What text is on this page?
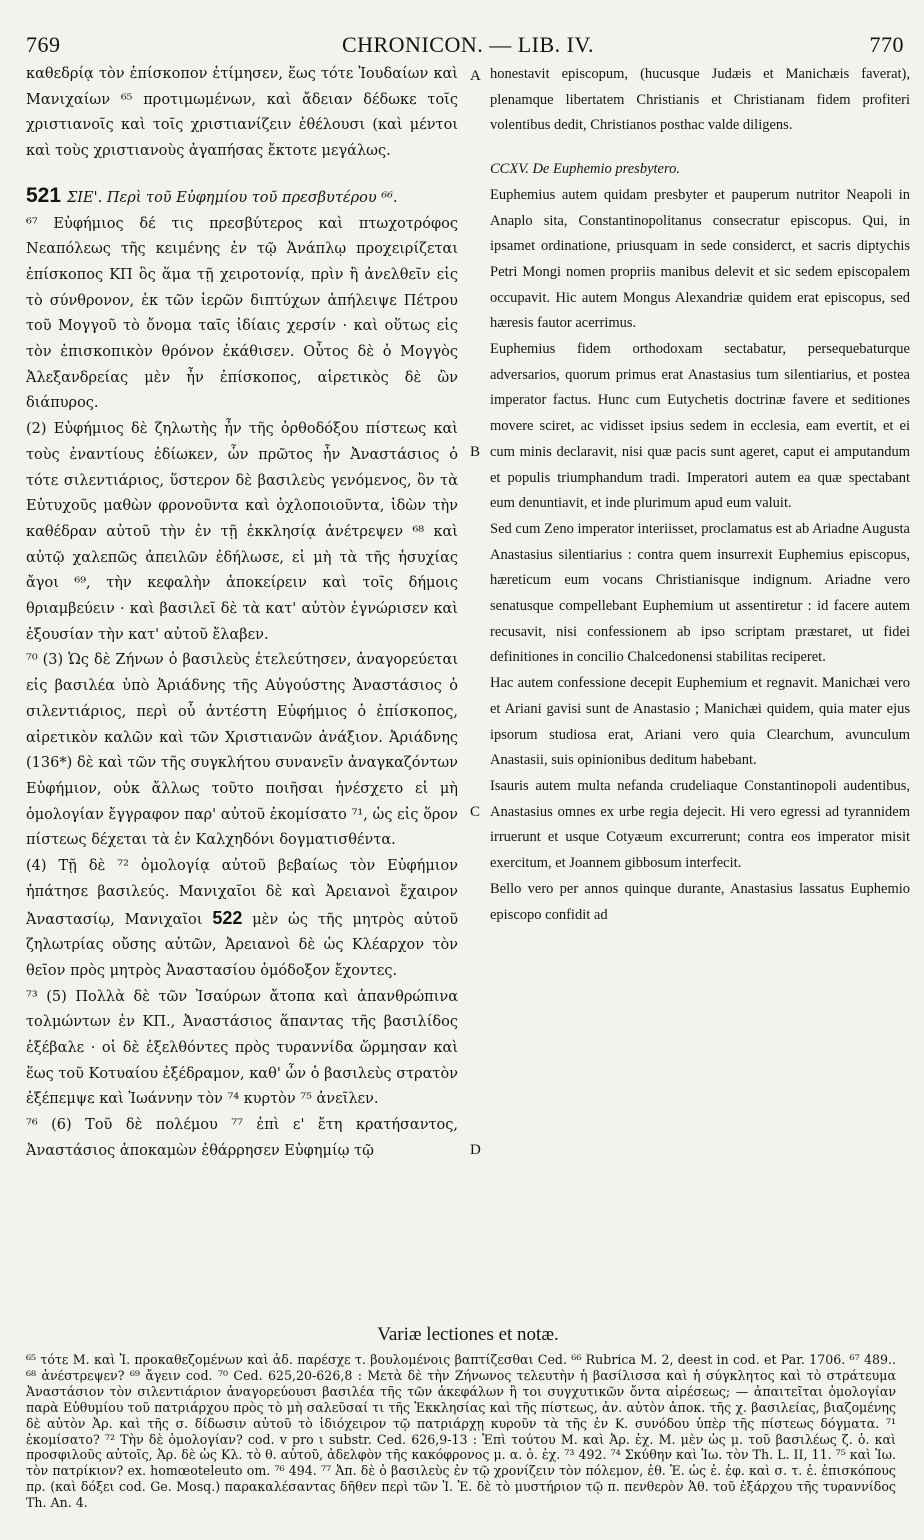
769	CHRONICON. — LIB. IV.	770

καθεδρίᾳ τὸν ἐπίσκοπον ἐτίμησεν, ἕως τότε Ἰουδαίων καὶ Μανιχαίων ⁶⁵ προτιμωμένων, καὶ ἄδειαν δέδωκε τοῖς χριστιανοῖς καὶ τοῖς χριστιανίζειν ἐθέλουσι (καὶ μέντοι καὶ τοὺς χριστιανοὺς ἀγαπήσας ἔκτοτε μεγάλως.

521 ΣΙΕ'. Περὶ τοῦ Εὐφημίου τοῦ πρεσβυτέρου ⁶⁶.

⁶⁷ Εὐφήμιος δέ τις πρεσβύτερος καὶ πτωχοτρόφος Νεαπόλεως τῆς κειμένης ἐν τῷ Ἀνάπλῳ προχειρίζεται ἐπίσκοπος ΚΠ ὃς ἅμα τῇ χειροτονίᾳ, πρὶν ἢ ἀνελθεῖν εἰς τὸ σύνθρονον, ἐκ τῶν ἱερῶν διπτύχων ἀπήλειψε Πέτρου τοῦ Μογγοῦ τὸ ὄνομα ταῖς ἰδίαις χερσίν · καὶ οὕτως εἰς τὸν ἐπισκοπικὸν θρόνον ἐκάθισεν. Οὗτος δὲ ὁ Μογγὸς Ἀλεξανδρείας μὲν ἦν ἐπίσκοπος, αἱρετικὸς δὲ ὢν διάπυρος.

(2) Εὐφήμιος δὲ ζηλωτὴς ἦν τῆς ὀρθοδόξου πίστεως καὶ τοὺς ἐναντίους ἐδίωκεν, ὧν πρῶτος ἦν Ἀναστάσιος ὁ τότε σιλεντιάριος, ὕστερον δὲ βασιλεὺς γενόμενος, ὃν τὰ Εὐτυχοῦς μαθὼν φρονοῦντα καὶ ὀχλοποιοῦντα, ἰδὼν τὴν καθέδραν αὐτοῦ τὴν ἐν τῇ ἐκκλησίᾳ ἀνέτρεψεν ⁶⁸ καὶ αὐτῷ χαλεπῶς ἀπειλῶν ἐδήλωσε, εἰ μὴ τὰ τῆς ἡσυχίας ἄγοι ⁶⁹, τὴν κεφαλὴν ἀποκείρειν καὶ τοῖς δήμοις θριαμβεύειν · καὶ βασιλεῖ δὲ τὰ κατ' αὐτὸν ἐγνώρισεν καὶ ἐξουσίαν τὴν κατ' αὐτοῦ ἔλαβεν.

⁷⁰ (3) Ὡς δὲ Ζήνων ὁ βασιλεὺς ἐτελεύτησεν, ἀναγορεύεται εἰς βασιλέα ὑπὸ Ἀριάδνης τῆς Αὐγούστης Ἀναστάσιος ὁ σιλεντιάριος, περὶ οὗ ἀντέστη Εὐφήμιος ὁ ἐπίσκοπος, αἱρετικὸν καλῶν καὶ τῶν Χριστιανῶν ἀνάξιον. Ἀριάδνης (136*) δὲ καὶ τῶν τῆς συγκλήτου συνανεῖν ἀναγκαζόντων Εὐφήμιον, οὐκ ἄλλως τοῦτο ποιῆσαι ἠνέσχετο εἰ μὴ ὁμολογίαν ἔγγραφον παρ' αὐτοῦ ἐκομίσατο ⁷¹, ὡς εἰς ὅρον πίστεως δέχεται τὰ ἐν Καλχηδόνι δογματισθέντα.

(4) Τῇ δὲ ⁷² ὁμολογίᾳ αὐτοῦ βεβαίως τὸν Εὐφήμιον ἠπάτησε βασιλεύς. Μανιχαῖοι δὲ καὶ Ἀρειανοὶ ἔχαιρον Ἀναστασίῳ, Μανιχαῖοι 522 μὲν ὡς τῆς μητρὸς αὐτοῦ ζηλωτρίας οὔσης αὐτῶν, Ἀρειανοὶ δὲ ὡς Κλέαρχον τὸν θεῖον πρὸς μητρὸς Ἀναστασίου ὁμόδοξον ἔχοντες.

⁷³ (5) Πολλὰ δὲ τῶν Ἰσαύρων ἄτοπα καὶ ἀπανθρώπινα τολμώντων ἐν ΚΠ., Ἀναστάσιος ἅπαντας τῆς βασιλίδος ἐξέβαλε · οἱ δὲ ἐξελθόντες πρὸς τυραννίδα ὥρμησαν καὶ ἕως τοῦ Κοτυαίου ἐξέδραμον, καθ' ὧν ὁ βασιλεὺς στρατὸν ἐξέπεμψε καὶ Ἰωάννην τὸν ⁷⁴ κυρτὸν ⁷⁵ ἀνεῖλεν.

⁷⁶ (6) Τοῦ δὲ πολέμου ⁷⁷ ἐπὶ ε' ἔτη κρατήσαντος, Ἀναστάσιος ἀποκαμὼν ἐθάρρησεν Εὐφημίῳ τῷ

A
B
C
D

honestavit episcopum, (hucusque Judæis et Manichæis faverat), plenamque libertatem Christianis et Christianam fidem profiteri volentibus dedit, Christianos posthac valde diligens.

CCXV. De Euphemio presbytero.

Euphemius autem quidam presbyter et pauperum nutritor Neapoli in Anaplo sita, Constantinopolitanus consecratur episcopus. Qui, in ipsamet ordinatione, priusquam in sede considerct, et sacris diptychis Petri Mongi nomen propriis manibus delevit et sic sedem episcopalem occupavit. Hic autem Mongus Alexandriæ quidem erat episcopus, sed hæresis fautor acerrimus.

Euphemius fidem orthodoxam sectabatur, persequebaturque adversarios, quorum primus erat Anastasius tum silentiarius, et postea imperator factus. Hunc cum Eutychetis doctrinæ favere et seditiones movere sciret, ac vidisset ipsius sedem in ecclesia, eam evertit, et ei cum minis declaravit, nisi quæ pacis sunt ageret, caput ei amputandum et populis triumphandum tradi. Imperatori autem ea quæ spectabant eum denuntiavit, et inde plurimum apud eum valuit.

Sed cum Zeno imperator interiisset, proclamatus est ab Ariadne Augusta Anastasius silentiarius : contra quem insurrexit Euphemius episcopus, hæreticum eum vocans Christianisque indignum. Ariadne vero senatusque compellebant Euphemium ut assentiretur : id facere autem recusavit, nisi confessionem ab ipso scriptam præstaret, ut fidei definitiones in concilio Chalcedonensi stabilitas reciperet.

Hac autem confessione decepit Euphemium et regnavit. Manichæi vero et Ariani gavisi sunt de Anastasio ; Manichæi quidem, quia mater ejus ipsorum studiosa erat, Ariani vero quia Clearchum, avunculum Anastasii, suis opinionibus deditum habebant.

Isauris autem multa nefanda crudeliaque Constantinopoli audentibus, Anastasius omnes ex urbe regia dejecit. Hi vero egressi ad tyrannidem irruerunt et usque Cotyæum excurrerunt; contra eos imperator misit exercitum, et Joannem gibbosum interfecit.

Bello vero per annos quinque durante, Anastasius lassatus Euphemio episcopo confidit ad

Variæ lectiones et notæ.

⁶⁵ τότε M. καὶ Ἰ. προκαθεζομένων καὶ ἀδ. παρέσχε τ. βουλομένοις βαπτίζεσθαι Ced. ⁶⁶ Rubrica M. 2, deest in cod. et Par. 1706. ⁶⁷ 489.. ⁶⁸ ἀνέστρεψεν? ⁶⁹ ἄγειν cod. ⁷⁰ Ced. 625,20-626,8 : Μετὰ δὲ τὴν Ζήνωνος τελευτὴν ἡ βασίλισσα καὶ ἡ σύγκλητος καὶ τὸ στράτευμα Ἀναστάσιον τὸν σιλεντιάριον ἀναγορεύουσι βασιλέα τῆς τῶν ἀκεφάλων ἢ τοι συγχυτικῶν ὄντα αἱρέσεως; — ἀπαιτεῖται ὁμολογίαν παρὰ Εὐθυμίου τοῦ πατριάρχου πρὸς τὸ μὴ σαλεῦσαί τι τῆς Ἐκκλησίας καὶ τῆς πίστεως, ἀν. αὐτὸν ἀποκ. τῆς χ. βασιλείας, βιαζομένης δὲ αὐτὸν Ἀρ. καὶ τῆς σ. δίδωσιν αὐτοῦ τὸ ἰδιόχειρον τῷ πατριάρχῃ κυροῦν τὰ τῆς ἐν Κ. συνόδου ὑπὲρ τῆς πίστεως δόγματα. ⁷¹ ἐκομίσατο? ⁷² Τὴν δὲ ὁμολογίαν? cod. v pro ι substr. Ced. 626,9-13 : Ἐπὶ τούτου Μ. καὶ Ἀρ. ἐχ. Μ. μὲν ὡς μ. τοῦ βασιλέως ζ. ὁ. καὶ προσφιλοῦς αὐτοῖς, Ἀρ. δὲ ὡς Κλ. τὸ θ. αὐτοῦ, ἀδελφὸν τῆς κακόφρονος μ. α. ὁ. ἐχ. ⁷³ 492. ⁷⁴ Σκύθην καὶ Ἰω. τὸν Th. L. II, 11. ⁷⁵ καὶ Ἰω. τὸν πατρίκιον? ex. homœoteleuto om. ⁷⁶ 494. ⁷⁷ Ἀπ. δὲ ὁ βασιλεὺς ἐν τῷ χρονίζειν τὸν πόλεμον, ἐθ. Ἐ. ὡς ἐ. ἐφ. καὶ σ. τ. ἐ. ἐπισκόπους πρ. (καὶ δόξει cod. Ge. Mosq.) παρακαλέσαντας δῆθεν περὶ τῶν Ἰ. Ἐ. δὲ τὸ μυστήριον τῷ π. πενθερὸν Ἀθ. τοῦ ἐξάρχου τῆς τυραννίδος Th. An. 4.
